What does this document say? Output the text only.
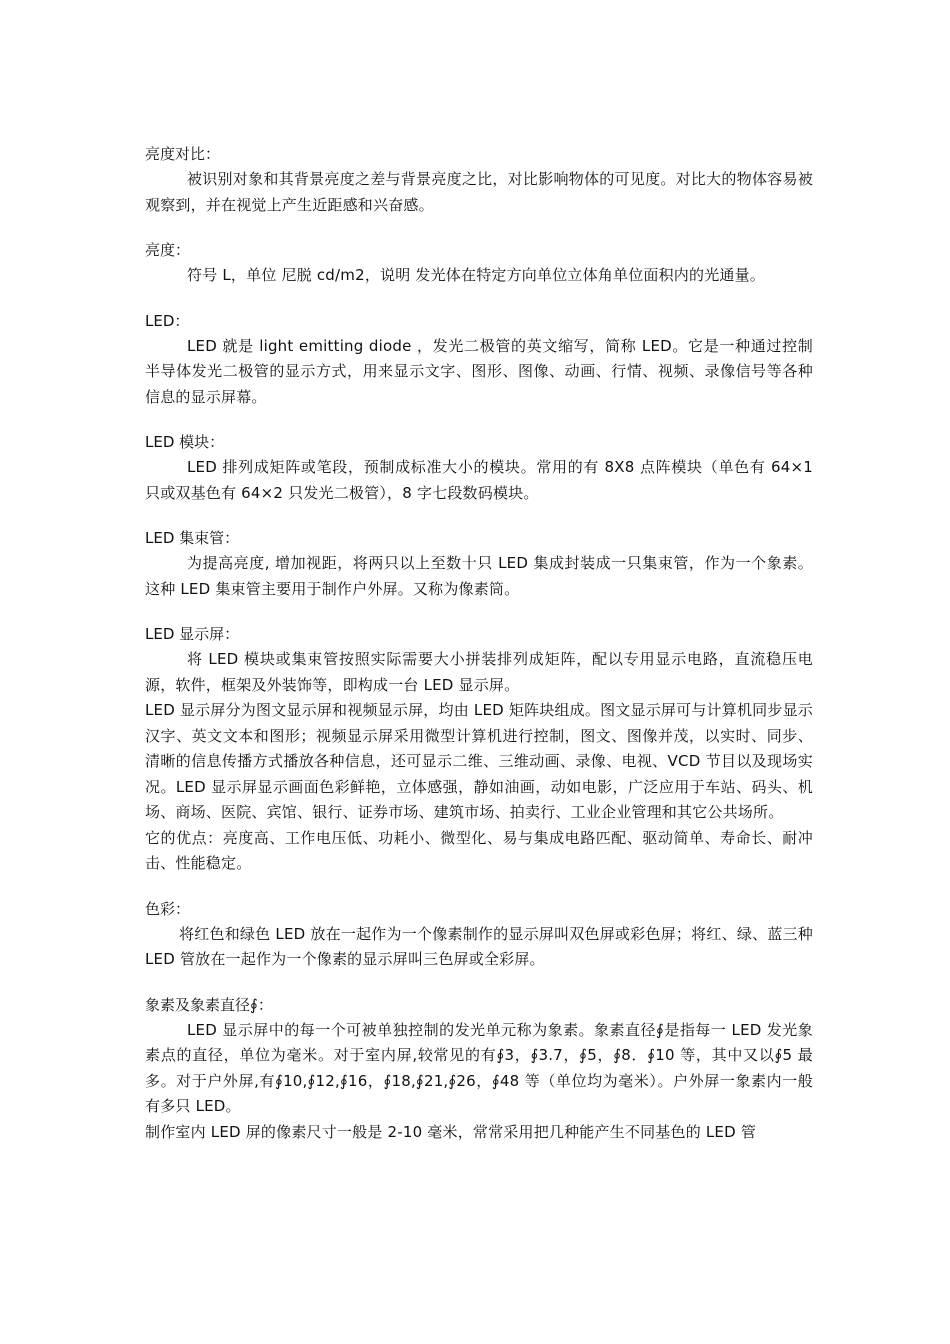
亮度对比：

被识别对象和其背景亮度之差与背景亮度之比，对比影响物体的可见度。对比大的物体容易被观察到，并在视觉上产生近距感和兴奋感。

亮度：

符号 L，单位 尼脱 cd/m2，说明 发光体在特定方向单位立体角单位面积内的光通量。

LED：

LED 就是 light emitting diode ，发光二极管的英文缩写，简称 LED。它是一种通过控制半导体发光二极管的显示方式，用来显示文字、图形、图像、动画、行情、视频、录像信号等各种信息的显示屏幕。

LED 模块：

LED 排列成矩阵或笔段，预制成标准大小的模块。常用的有 8X8 点阵模块（单色有 64×1 只或双基色有 64×2 只发光二极管），8 字七段数码模块。

LED 集束管：

为提高亮度, 增加视距，将两只以上至数十只 LED 集成封装成一只集束管，作为一个象素。这种 LED 集束管主要用于制作户外屏。又称为像素筒。

LED 显示屏：

将 LED 模块或集束管按照实际需要大小拼装排列成矩阵，配以专用显示电路，直流稳压电源，软件，框架及外装饰等，即构成一台 LED 显示屏。

LED 显示屏分为图文显示屏和视频显示屏，均由 LED 矩阵块组成。图文显示屏可与计算机同步显示汉字、英文文本和图形；视频显示屏采用微型计算机进行控制，图文、图像并茂，以实时、同步、清晰的信息传播方式播放各种信息，还可显示二维、三维动画、录像、电视、VCD 节目以及现场实况。LED 显示屏显示画面色彩鲜艳，立体感强，静如油画，动如电影，广泛应用于车站、码头、机场、商场、医院、宾馆、银行、证券市场、建筑市场、拍卖行、工业企业管理和其它公共场所。

它的优点：亮度高、工作电压低、功耗小、微型化、易与集成电路匹配、驱动简单、寿命长、耐冲击、性能稳定。

色彩：

将红色和绿色 LED 放在一起作为一个像素制作的显示屏叫双色屏或彩色屏；将红、绿、蓝三种 LED 管放在一起作为一个像素的显示屏叫三色屏或全彩屏。

象素及象素直径∮：

LED 显示屏中的每一个可被单独控制的发光单元称为象素。象素直径∮是指每一 LED 发光象素点的直径，单位为毫米。对于室内屏,较常见的有∮3，∮3.7，∮5，∮8．∮10 等，其中又以∮5 最多。对于户外屏,有∮10,∮12,∮16，∮18,∮21,∮26，∮48 等（单位均为毫米）。户外屏一象素内一般有多只 LED。

制作室内 LED 屏的像素尺寸一般是 2-10 毫米，常常采用把几种能产生不同基色的 LED 管
